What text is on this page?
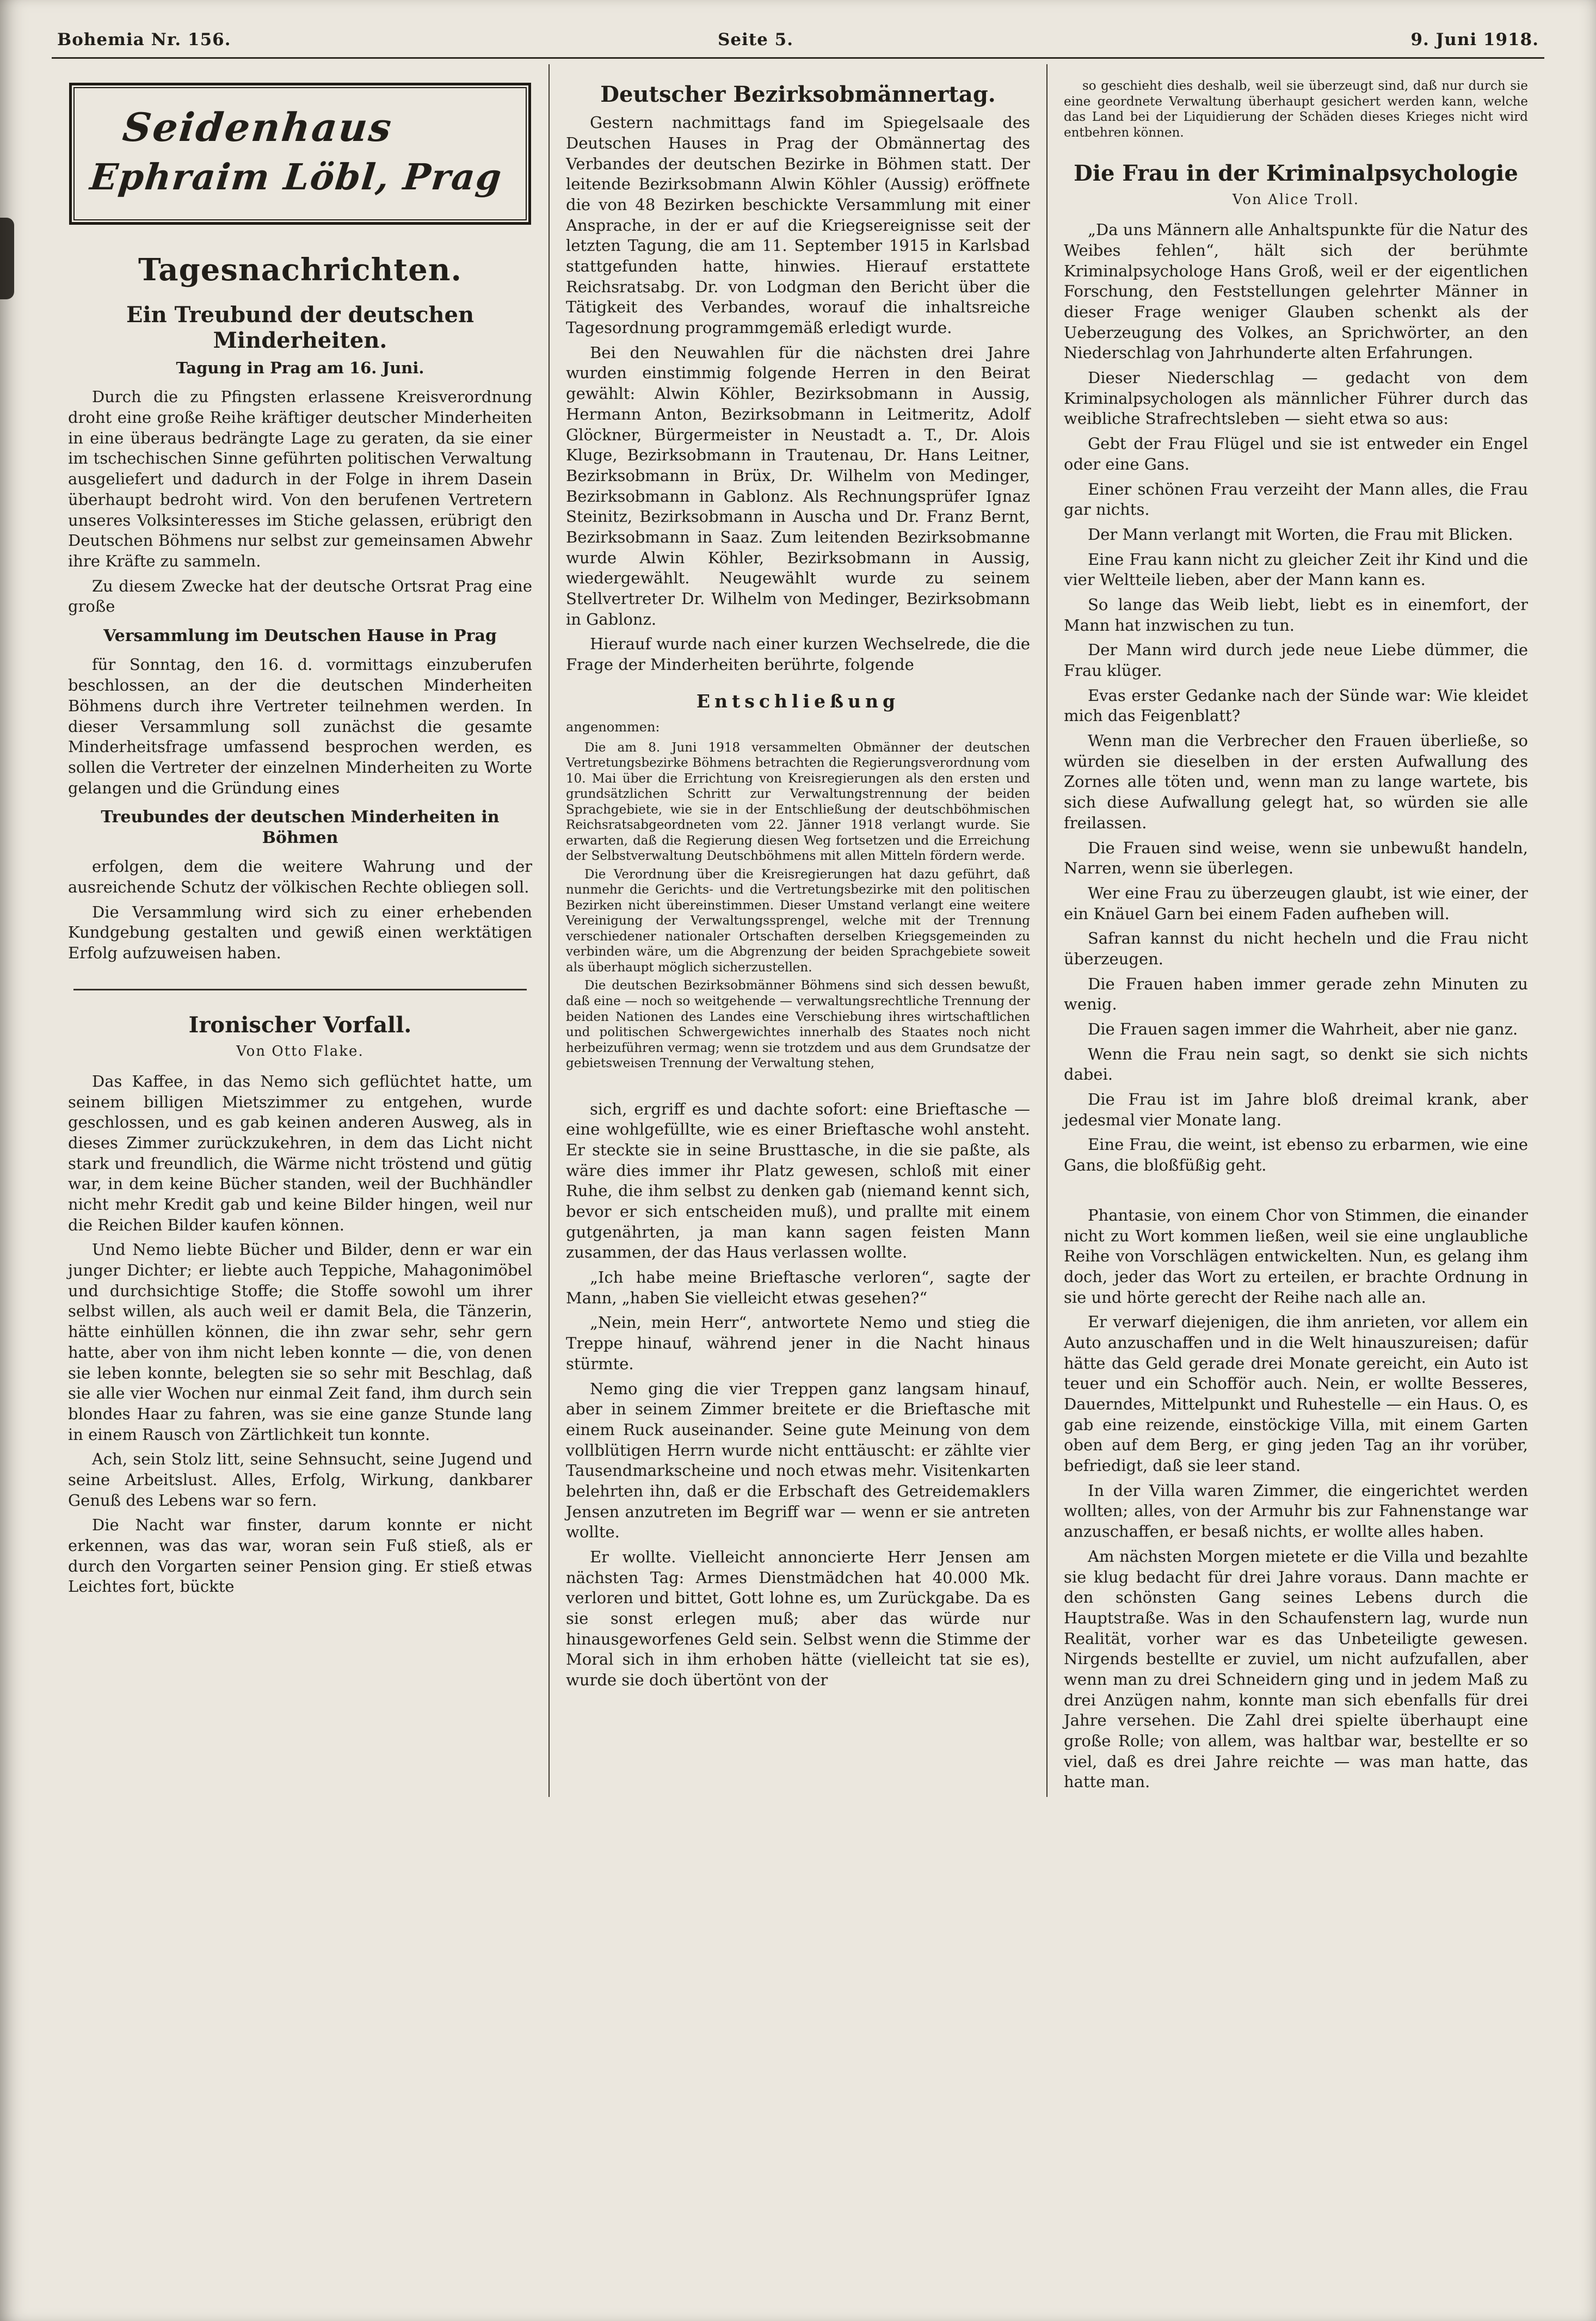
Bohemia Nr. 156.	Seite 5.	9. Juni 1918.
Seidenhaus
Ephraim Löbl, Prag
Tagesnachrichten.
Ein Treubund der deutschen Minderheiten.
Tagung in Prag am 16. Juni.

Durch die zu Pfingsten erlassene Kreisverordnung droht eine große Reihe kräftiger deutscher Minderheiten in eine überaus bedrängte Lage zu geraten, da sie einer im tschechischen Sinne geführten politischen Verwaltung ausgeliefert und dadurch in der Folge in ihrem Dasein überhaupt bedroht wird. Von den berufenen Vertretern unseres Volksinteresses im Stiche gelassen, erübrigt den Deutschen Böhmens nur selbst zur gemeinsamen Abwehr ihre Kräfte zu sammeln.

Zu diesem Zwecke hat der deutsche Ortsrat Prag eine große

Versammlung im Deutschen Hause in Prag

für Sonntag, den 16. d. vormittags einzuberufen beschlossen, an der die deutschen Minderheiten Böhmens durch ihre Vertreter teilnehmen werden. In dieser Versammlung soll zunächst die gesamte Minderheitsfrage umfassend besprochen werden, es sollen die Vertreter der einzelnen Minderheiten zu Worte gelangen und die Gründung eines

Treubundes der deutschen Minderheiten in Böhmen

erfolgen, dem die weitere Wahrung und der ausreichende Schutz der völkischen Rechte obliegen soll.

Die Versammlung wird sich zu einer erhebenden Kundgebung gestalten und gewiß einen werktätigen Erfolg aufzuweisen haben.

Ironischer Vorfall.
Von Otto Flake.

Das Kaffee, in das Nemo sich geflüchtet hatte, um seinem billigen Mietszimmer zu entgehen, wurde geschlossen, und es gab keinen anderen Ausweg, als in dieses Zimmer zurückzukehren, in dem das Licht nicht stark und freundlich, die Wärme nicht tröstend und gütig war, in dem keine Bücher standen, weil der Buchhändler nicht mehr Kredit gab und keine Bilder hingen, weil nur die Reichen Bilder kaufen können.

Und Nemo liebte Bücher und Bilder, denn er war ein junger Dichter; er liebte auch Teppiche, Mahagonimöbel und durchsichtige Stoffe; die Stoffe sowohl um ihrer selbst willen, als auch weil er damit Bela, die Tänzerin, hätte einhüllen können, die ihn zwar sehr, sehr gern hatte, aber von ihm nicht leben konnte — die, von denen sie leben konnte, belegten sie so sehr mit Beschlag, daß sie alle vier Wochen nur einmal Zeit fand, ihm durch sein blondes Haar zu fahren, was sie eine ganze Stunde lang in einem Rausch von Zärtlichkeit tun konnte.

Ach, sein Stolz litt, seine Sehnsucht, seine Jugend und seine Arbeitslust. Alles, Erfolg, Wirkung, dankbarer Genuß des Lebens war so fern.

Die Nacht war finster, darum konnte er nicht erkennen, was das war, woran sein Fuß stieß, als er durch den Vorgarten seiner Pension ging. Er stieß etwas Leichtes fort, bückte

Deutscher Bezirksobmännertag.

Gestern nachmittags fand im Spiegelsaale des Deutschen Hauses in Prag der Obmännertag des Verbandes der deutschen Bezirke in Böhmen statt. Der leitende Bezirksobmann Alwin Köhler (Aussig) eröffnete die von 48 Bezirken beschickte Versammlung mit einer Ansprache, in der er auf die Kriegsereignisse seit der letzten Tagung, die am 11. September 1915 in Karlsbad stattgefunden hatte, hinwies. Hierauf erstattete Reichsratsabg. Dr. von Lodgman den Bericht über die Tätigkeit des Verbandes, worauf die inhaltsreiche Tagesordnung programmgemäß erledigt wurde.

Bei den Neuwahlen für die nächsten drei Jahre wurden einstimmig folgende Herren in den Beirat gewählt: Alwin Köhler, Bezirksobmann in Aussig, Hermann Anton, Bezirksobmann in Leitmeritz, Adolf Glöckner, Bürgermeister in Neustadt a. T., Dr. Alois Kluge, Bezirksobmann in Trautenau, Dr. Hans Leitner, Bezirksobmann in Brüx, Dr. Wilhelm von Medinger, Bezirksobmann in Gablonz. Als Rechnungsprüfer Ignaz Steinitz, Bezirksobmann in Auscha und Dr. Franz Bernt, Bezirksobmann in Saaz. Zum leitenden Bezirksobmanne wurde Alwin Köhler, Bezirksobmann in Aussig, wiedergewählt. Neugewählt wurde zu seinem Stellvertreter Dr. Wilhelm von Medinger, Bezirksobmann in Gablonz.

Hierauf wurde nach einer kurzen Wechselrede, die die Frage der Minderheiten berührte, folgende

Entschließung

angenommen:

Die am 8. Juni 1918 versammelten Obmänner der deutschen Vertretungsbezirke Böhmens betrachten die Regierungsverordnung vom 10. Mai über die Errichtung von Kreisregierungen als den ersten und grundsätzlichen Schritt zur Verwaltungstrennung der beiden Sprachgebiete, wie sie in der Entschließung der deutschböhmischen Reichsratsabgeordneten vom 22. Jänner 1918 verlangt wurde. Sie erwarten, daß die Regierung diesen Weg fortsetzen und die Erreichung der Selbstverwaltung Deutschböhmens mit allen Mitteln fördern werde.

Die Verordnung über die Kreisregierungen hat dazu geführt, daß nunmehr die Gerichts- und die Vertretungsbezirke mit den politischen Bezirken nicht übereinstimmen. Dieser Umstand verlangt eine weitere Vereinigung der Verwaltungssprengel, welche mit der Trennung verschiedener nationaler Ortschaften derselben Kriegsgemeinden zu verbinden wäre, um die Abgrenzung der beiden Sprachgebiete soweit als überhaupt möglich sicherzustellen.

Die deutschen Bezirksobmänner Böhmens sind sich dessen bewußt, daß eine — noch so weitgehende — verwaltungsrechtliche Trennung der beiden Nationen des Landes eine Verschiebung ihres wirtschaftlichen und politischen Schwergewichtes innerhalb des Staates noch nicht herbeizuführen vermag; wenn sie trotzdem und aus dem Grundsatze der gebietsweisen Trennung der Verwaltung stehen,

sich, ergriff es und dachte sofort: eine Brieftasche — eine wohlgefüllte, wie es einer Brieftasche wohl ansteht. Er steckte sie in seine Brusttasche, in die sie paßte, als wäre dies immer ihr Platz gewesen, schloß mit einer Ruhe, die ihm selbst zu denken gab (niemand kennt sich, bevor er sich entscheiden muß), und prallte mit einem gutgenährten, ja man kann sagen feisten Mann zusammen, der das Haus verlassen wollte.

„Ich habe meine Brieftasche verloren“, sagte der Mann, „haben Sie vielleicht etwas gesehen?“

„Nein, mein Herr“, antwortete Nemo und stieg die Treppe hinauf, während jener in die Nacht hinaus stürmte.

Nemo ging die vier Treppen ganz langsam hinauf, aber in seinem Zimmer breitete er die Brieftasche mit einem Ruck auseinander. Seine gute Meinung von dem vollblütigen Herrn wurde nicht enttäuscht: er zählte vier Tausendmarkscheine und noch etwas mehr. Visitenkarten belehrten ihn, daß er die Erbschaft des Getreidemaklers Jensen anzutreten im Begriff war — wenn er sie antreten wollte.

Er wollte. Vielleicht annoncierte Herr Jensen am nächsten Tag: Armes Dienstmädchen hat 40.000 Mk. verloren und bittet, Gott lohne es, um Zurückgabe. Da es sie sonst erlegen muß; aber das würde nur hinausgeworfenes Geld sein. Selbst wenn die Stimme der Moral sich in ihm erhoben hätte (vielleicht tat sie es), wurde sie doch übertönt von der

so geschieht dies deshalb, weil sie überzeugt sind, daß nur durch sie eine geordnete Verwaltung überhaupt gesichert werden kann, welche das Land bei der Liquidierung der Schäden dieses Krieges nicht wird entbehren können.

Die Frau in der Kriminalpsychologie
Von Alice Troll.

„Da uns Männern alle Anhaltspunkte für die Natur des Weibes fehlen“, hält sich der berühmte Kriminalpsychologe Hans Groß, weil er der eigentlichen Forschung, den Feststellungen gelehrter Männer in dieser Frage weniger Glauben schenkt als der Ueberzeugung des Volkes, an Sprichwörter, an den Niederschlag von Jahrhunderte alten Erfahrungen.

Dieser Niederschlag — gedacht von dem Kriminalpsychologen als männlicher Führer durch das weibliche Strafrechtsleben — sieht etwa so aus:

Gebt der Frau Flügel und sie ist entweder ein Engel oder eine Gans.

Einer schönen Frau verzeiht der Mann alles, die Frau gar nichts.

Der Mann verlangt mit Worten, die Frau mit Blicken.

Eine Frau kann nicht zu gleicher Zeit ihr Kind und die vier Weltteile lieben, aber der Mann kann es.

So lange das Weib liebt, liebt es in einemfort, der Mann hat inzwischen zu tun.

Der Mann wird durch jede neue Liebe dümmer, die Frau klüger.

Evas erster Gedanke nach der Sünde war: Wie kleidet mich das Feigenblatt?

Wenn man die Verbrecher den Frauen überließe, so würden sie dieselben in der ersten Aufwallung des Zornes alle töten und, wenn man zu lange wartete, bis sich diese Aufwallung gelegt hat, so würden sie alle freilassen.

Die Frauen sind weise, wenn sie unbewußt handeln, Narren, wenn sie überlegen.

Wer eine Frau zu überzeugen glaubt, ist wie einer, der ein Knäuel Garn bei einem Faden aufheben will.

Safran kannst du nicht hecheln und die Frau nicht überzeugen.

Die Frauen haben immer gerade zehn Minuten zu wenig.

Die Frauen sagen immer die Wahrheit, aber nie ganz.

Wenn die Frau nein sagt, so denkt sie sich nichts dabei.

Die Frau ist im Jahre bloß dreimal krank, aber jedesmal vier Monate lang.

Eine Frau, die weint, ist ebenso zu erbarmen, wie eine Gans, die bloßfüßig geht.

Phantasie, von einem Chor von Stimmen, die einander nicht zu Wort kommen ließen, weil sie eine unglaubliche Reihe von Vorschlägen entwickelten. Nun, es gelang ihm doch, jeder das Wort zu erteilen, er brachte Ordnung in sie und hörte gerecht der Reihe nach alle an.

Er verwarf diejenigen, die ihm anrieten, vor allem ein Auto anzuschaffen und in die Welt hinauszureisen; dafür hätte das Geld gerade drei Monate gereicht, ein Auto ist teuer und ein Schofför auch. Nein, er wollte Besseres, Dauerndes, Mittelpunkt und Ruhestelle — ein Haus. O, es gab eine reizende, einstöckige Villa, mit einem Garten oben auf dem Berg, er ging jeden Tag an ihr vorüber, befriedigt, daß sie leer stand.

In der Villa waren Zimmer, die eingerichtet werden wollten; alles, von der Armuhr bis zur Fahnenstange war anzuschaffen, er besaß nichts, er wollte alles haben.

Am nächsten Morgen mietete er die Villa und bezahlte sie klug bedacht für drei Jahre voraus. Dann machte er den schönsten Gang seines Lebens durch die Hauptstraße. Was in den Schaufenstern lag, wurde nun Realität, vorher war es das Unbeteiligte gewesen. Nirgends bestellte er zuviel, um nicht aufzufallen, aber wenn man zu drei Schneidern ging und in jedem Maß zu drei Anzügen nahm, konnte man sich ebenfalls für drei Jahre versehen. Die Zahl drei spielte überhaupt eine große Rolle; von allem, was haltbar war, bestellte er so viel, daß es drei Jahre reichte — was man hatte, das hatte man.
